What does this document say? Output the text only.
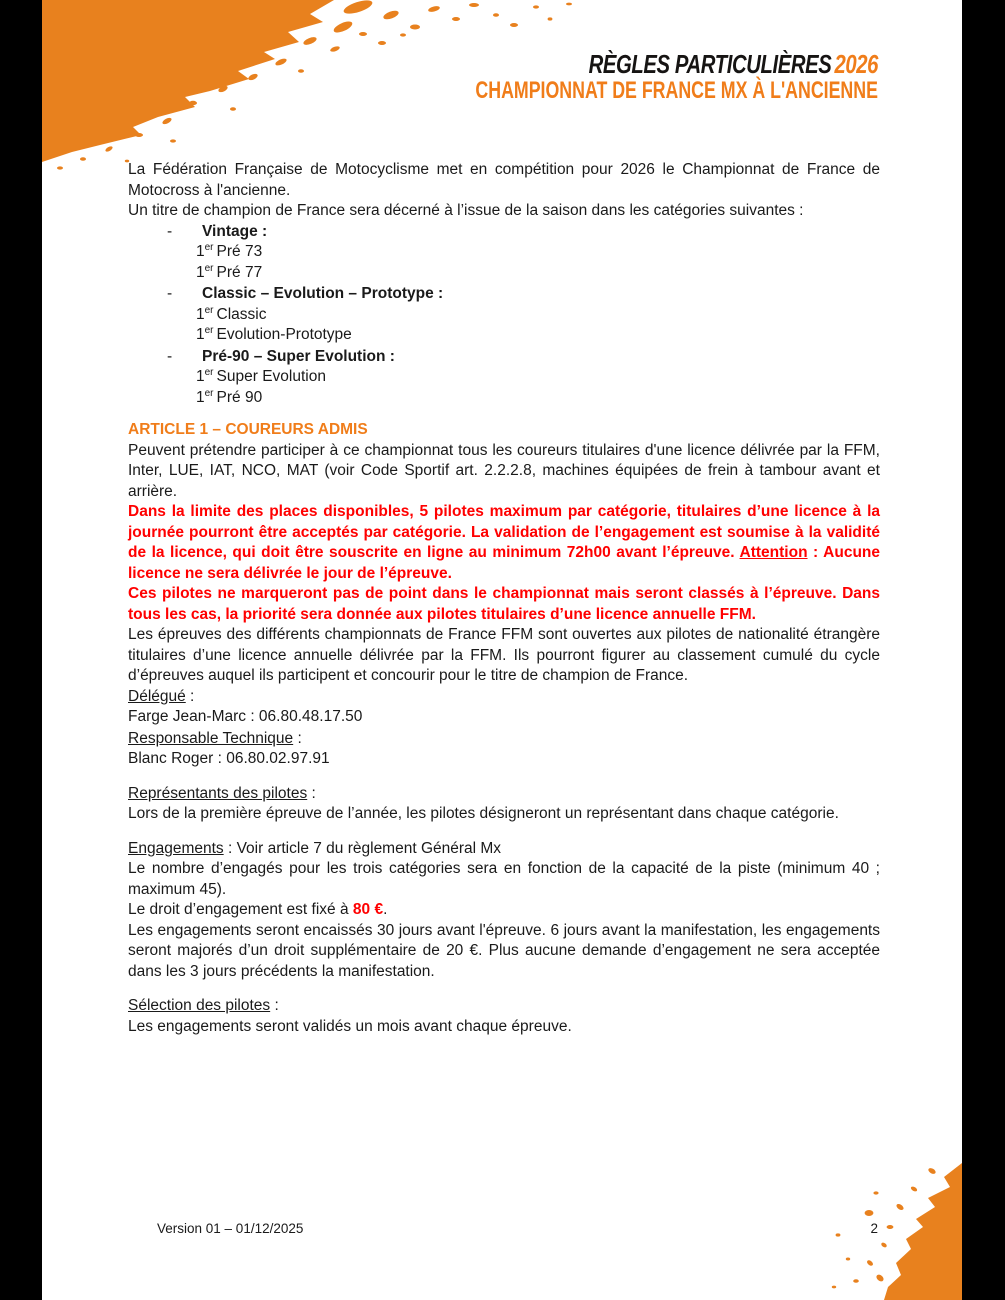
RÈGLES PARTICULIÈRES 2026
CHAMPIONNAT DE FRANCE MX À L'ANCIENNE

La Fédération Française de Motocyclisme met en compétition pour 2026 le Championnat de France de Motocross à l'ancienne.

Un titre de champion de France sera décerné à l’issue de la saison dans les catégories suivantes :

- Vintage :
1er Pré 73
1er Pré 77
- Classic – Evolution – Prototype :
1er Classic
1er Evolution-Prototype
- Pré-90 – Super Evolution :
1er Super Evolution
1er Pré 90

ARTICLE 1 – COUREURS ADMIS

Peuvent prétendre participer à ce championnat tous les coureurs titulaires d'une licence délivrée par la FFM, Inter, LUE, IAT, NCO, MAT (voir Code Sportif art. 2.2.2.8, machines équipées de frein à tambour avant et arrière.

Dans la limite des places disponibles, 5 pilotes maximum par catégorie, titulaires d’une licence à la journée pourront être acceptés par catégorie. La validation de l’engagement est soumise à la validité de la licence, qui doit être souscrite en ligne au minimum 72h00 avant l’épreuve. Attention : Aucune licence ne sera délivrée le jour de l’épreuve.

Ces pilotes ne marqueront pas de point dans le championnat mais seront classés à l’épreuve. Dans tous les cas, la priorité sera donnée aux pilotes titulaires d’une licence annuelle FFM.

Les épreuves des différents championnats de France FFM sont ouvertes aux pilotes de nationalité étrangère titulaires d’une licence annuelle délivrée par la FFM. Ils pourront figurer au classement cumulé du cycle d’épreuves auquel ils participent et concourir pour le titre de champion de France.

Délégué :

Farge Jean-Marc : 06.80.48.17.50

Responsable Technique :

Blanc Roger : 06.80.02.97.91

Représentants des pilotes :

Lors de la première épreuve de l’année, les pilotes désigneront un représentant dans chaque catégorie.

Engagements : Voir article 7 du règlement Général Mx

Le nombre d’engagés pour les trois catégories sera en fonction de la capacité de la piste (minimum 40 ; maximum 45).

Le droit d’engagement est fixé à 80 €.

Les engagements seront encaissés 30 jours avant l'épreuve. 6 jours avant la manifestation, les engagements seront majorés d’un droit supplémentaire de 20 €. Plus aucune demande d’engagement ne sera acceptée dans les 3 jours précédents la manifestation.

Sélection des pilotes :

Les engagements seront validés un mois avant chaque épreuve.

Version 01 – 01/12/2025	2
